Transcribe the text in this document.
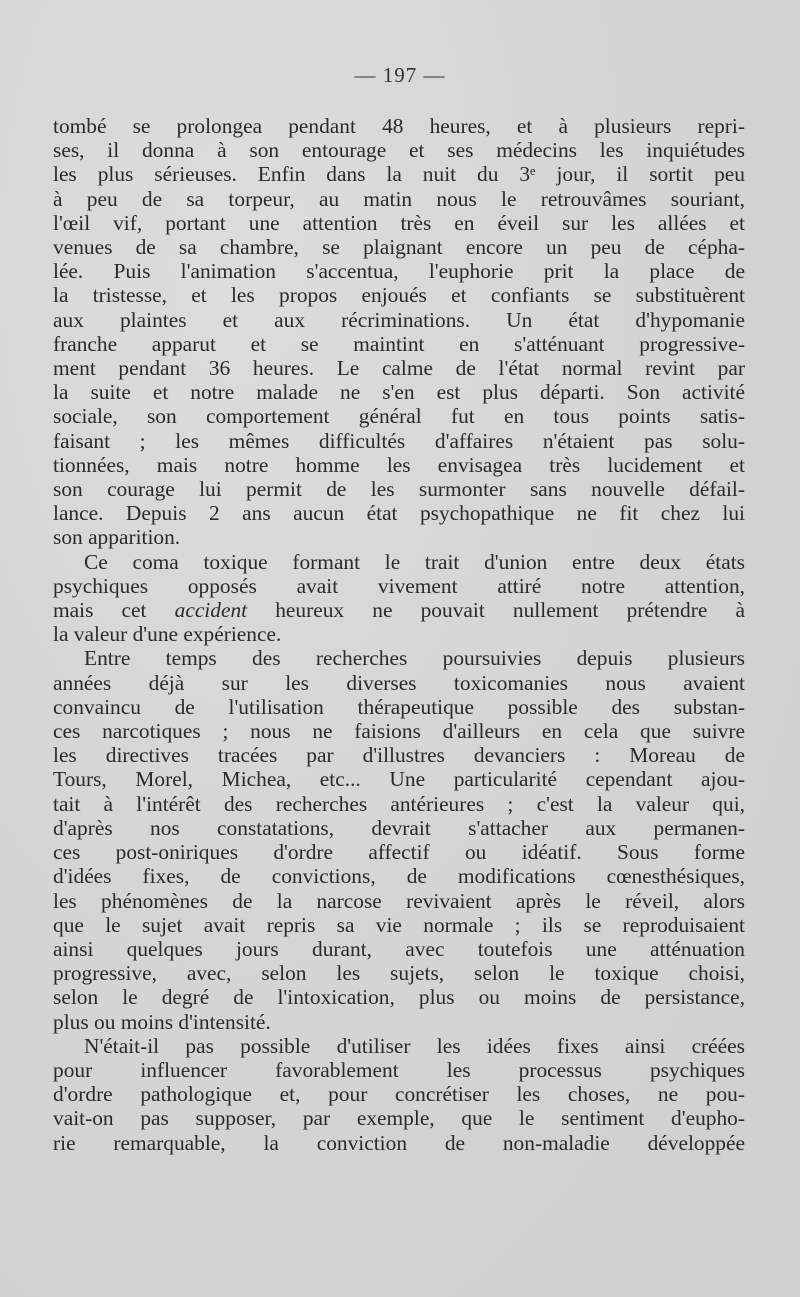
— 197 —
tombé se prolongea pendant 48 heures, et à plusieurs repri-
ses, il donna à son entourage et ses médecins les inquiétudes
les plus sérieuses. Enfin dans la nuit du 3ᵉ jour, il sortit peu
à peu de sa torpeur, au matin nous le retrouvâmes souriant,
l'œil vif, portant une attention très en éveil sur les allées et
venues de sa chambre, se plaignant encore un peu de cépha-
lée. Puis l'animation s'accentua, l'euphorie prit la place de
la tristesse, et les propos enjoués et confiants se substituèrent
aux plaintes et aux récriminations. Un état d'hypomanie
franche apparut et se maintint en s'atténuant progressive-
ment pendant 36 heures. Le calme de l'état normal revint par
la suite et notre malade ne s'en est plus départi. Son activité
sociale, son comportement général fut en tous points satis-
faisant ; les mêmes difficultés d'affaires n'étaient pas solu-
tionnées, mais notre homme les envisagea très lucidement et
son courage lui permit de les surmonter sans nouvelle défail-
lance. Depuis 2 ans aucun état psychopathique ne fit chez lui
son apparition.
Ce coma toxique formant le trait d'union entre deux états
psychiques opposés avait vivement attiré notre attention,
mais cet accident heureux ne pouvait nullement prétendre à
la valeur d'une expérience.
Entre temps des recherches poursuivies depuis plusieurs
années déjà sur les diverses toxicomanies nous avaient
convaincu de l'utilisation thérapeutique possible des substan-
ces narcotiques ; nous ne faisions d'ailleurs en cela que suivre
les directives tracées par d'illustres devanciers : Moreau de
Tours, Morel, Michea, etc... Une particularité cependant ajou-
tait à l'intérêt des recherches antérieures ; c'est la valeur qui,
d'après nos constatations, devrait s'attacher aux permanen-
ces post-oniriques d'ordre affectif ou idéatif. Sous forme
d'idées fixes, de convictions, de modifications cœnesthésiques,
les phénomènes de la narcose revivaient après le réveil, alors
que le sujet avait repris sa vie normale ; ils se reproduisaient
ainsi quelques jours durant, avec toutefois une atténuation
progressive, avec, selon les sujets, selon le toxique choisi,
selon le degré de l'intoxication, plus ou moins de persistance,
plus ou moins d'intensité.
N'était-il pas possible d'utiliser les idées fixes ainsi créées
pour influencer favorablement les processus psychiques
d'ordre pathologique et, pour concrétiser les choses, ne pou-
vait-on pas supposer, par exemple, que le sentiment d'eupho-
rie remarquable, la conviction de non-maladie développée
